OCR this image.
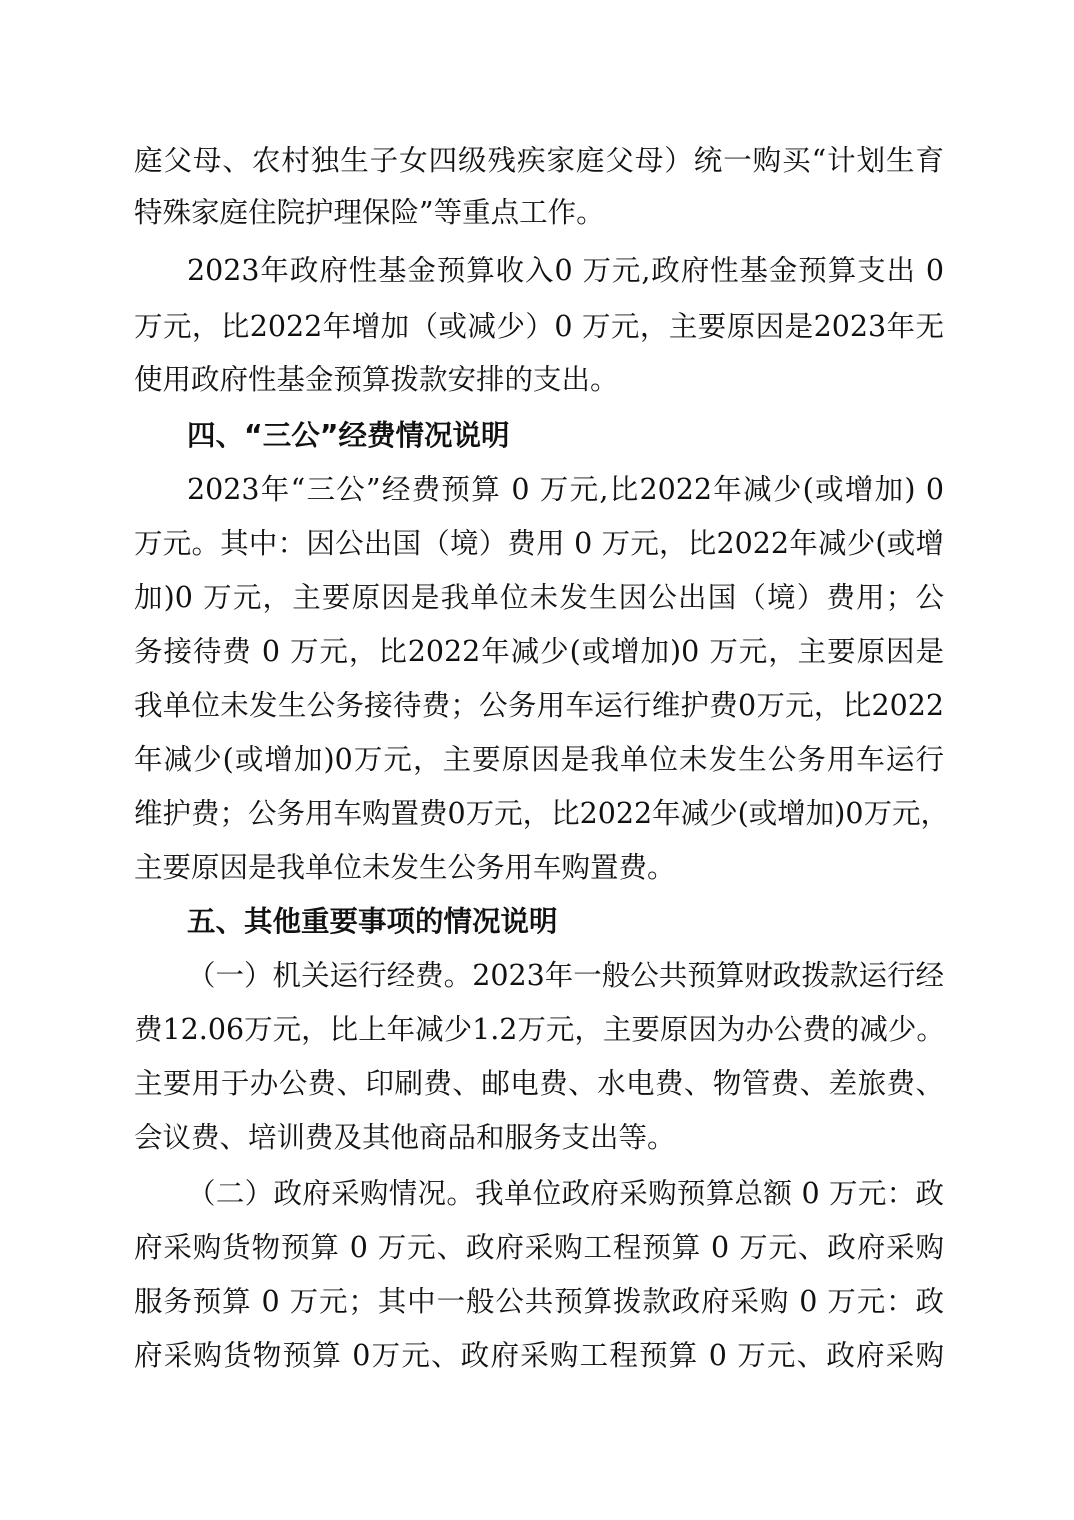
庭父母、农村独生子女四级残疾家庭父母）统一购买“计划生育
特殊家庭住院护理保险”等重点工作。
2023年政府性基金预算收入0 万元,政府性基金预算支出 0
万元，比2022年增加（或减少）0 万元，主要原因是2023年无
使用政府性基金预算拨款安排的支出。
四、“三公”经费情况说明
2023年“三公”经费预算 0 万元,比2022年减少(或增加) 0
万元。其中：因公出国（境）费用 0 万元，比2022年减少(或增
加)0 万元，主要原因是我单位未发生因公出国（境）费用；公
务接待费 0 万元，比2022年减少(或增加)0 万元，主要原因是
我单位未发生公务接待费；公务用车运行维护费0万元，比2022
年减少(或增加)0万元，主要原因是我单位未发生公务用车运行
维护费；公务用车购置费0万元，比2022年减少(或增加)0万元，
主要原因是我单位未发生公务用车购置费。
五、其他重要事项的情况说明
（一）机关运行经费。2023年一般公共预算财政拨款运行经
费12.06万元，比上年减少1.2万元，主要原因为办公费的减少。
主要用于办公费、印刷费、邮电费、水电费、物管费、差旅费、
会议费、培训费及其他商品和服务支出等。
（二）政府采购情况。我单位政府采购预算总额 0 万元：政
府采购货物预算 0 万元、政府采购工程预算 0 万元、政府采购
服务预算 0 万元；其中一般公共预算拨款政府采购 0 万元：政
府采购货物预算 0万元、政府采购工程预算 0 万元、政府采购
